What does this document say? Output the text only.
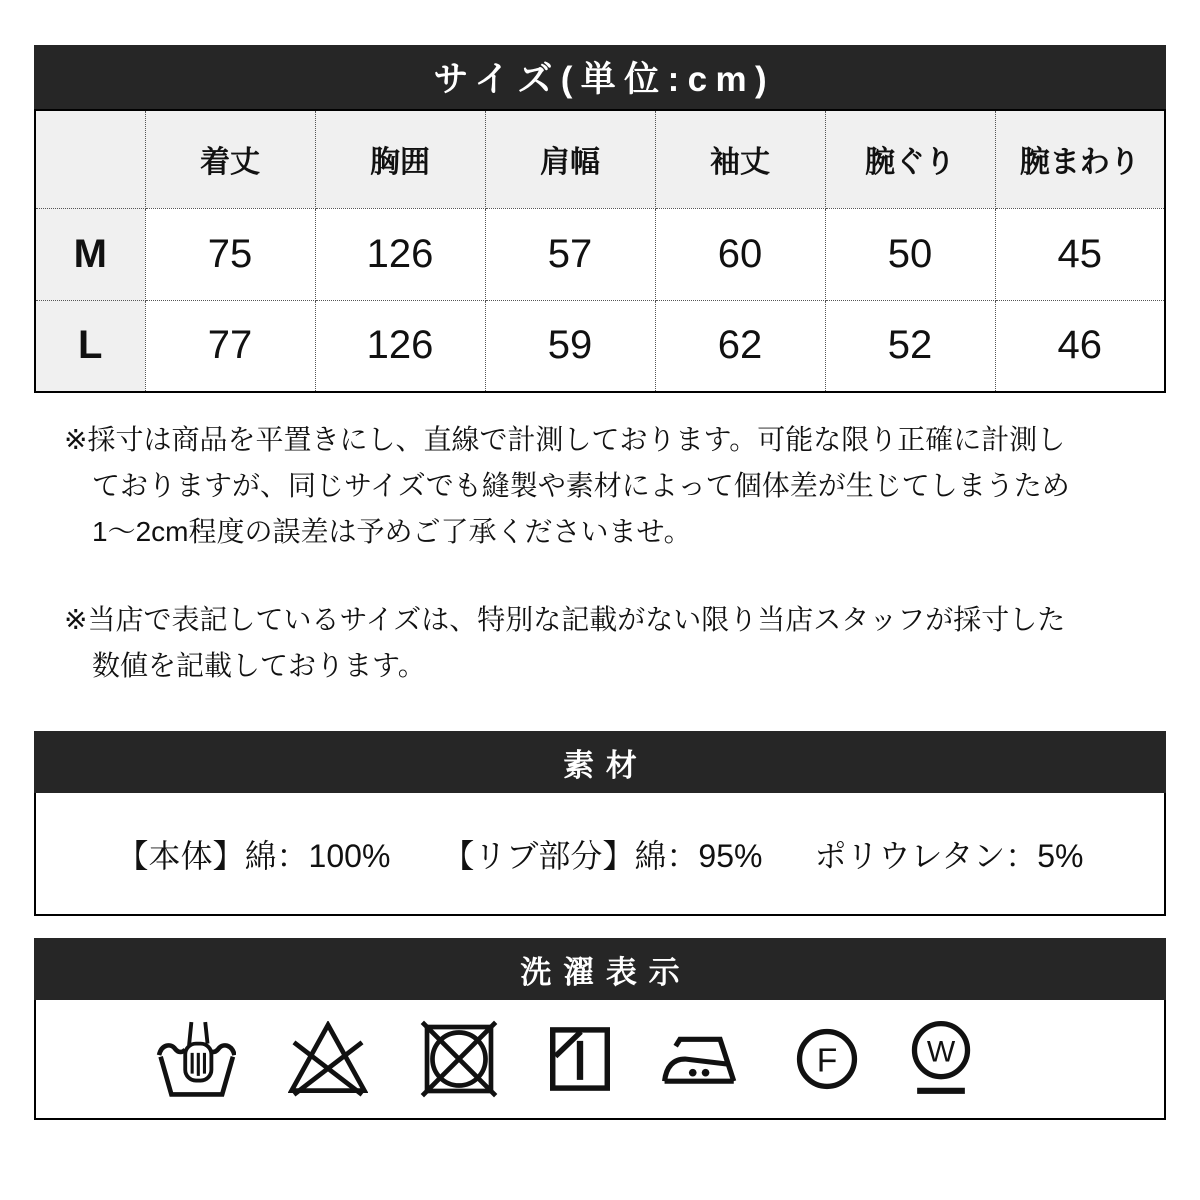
サイズ(単位:cm)
	着丈	胸囲	肩幅	袖丈	腕ぐり	腕まわり
M	75	126	57	60	50	45
L	77	126	59	62	52	46
※採寸は商品を平置きにし、直線で計測しております。可能な限り正確に計測し
ておりますが、同じサイズでも縫製や素材によって個体差が生じてしまうため
1〜2cm程度の誤差は予めご了承くださいませ。
※当店で表記しているサイズは、特別な記載がない限り当店スタッフが採寸した
数値を記載しております。
素材
【本体】綿：100% 【リブ部分】綿：95% ポリウレタン：5%
洗濯表示
F	W
